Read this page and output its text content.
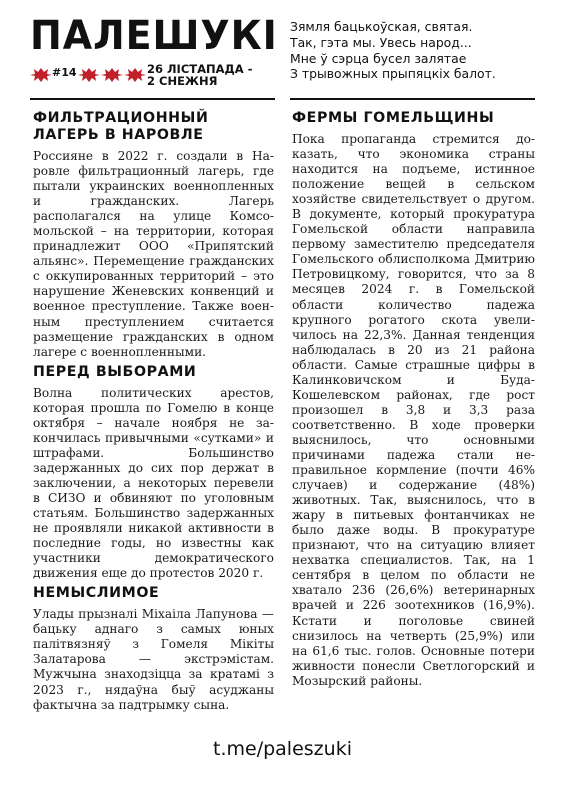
ПАЛЕШУКІ
#14	26 ЛІСТАПАДА -
2 СНЕЖНЯ
Зямля бацькоўская, святая.
Так, гэта мы. Увесь народ...
Мне ў сэрца бусел залятае
З трывожных прыпяцкіх балот.
ФИЛЬТРАЦИОННЫЙ
ЛАГЕРЬ В НАРОВЛЕ

Россияне в 2022 г. создали в Наровле фильтрационный лагерь, где пытали украинских военнопленных и гражданских. Лагерь располагался на улице Комсомольской – на территории, которая принадлежит ООО «Припятский альянс». Перемещение гражданских с оккупированных территорий – это нарушение Женевских конвенций и военное преступление. Также военным преступлением считается размещение гражданских в одном лагере с военнопленными.

ПЕРЕД ВЫБОРАМИ

Волна политических арестов, которая прошла по Гомелю в конце октября – начале ноября не закончилась привычными «сутками» и штрафами. Большинство задержанных до сих пор держат в заключении, а некоторых перевели в СИЗО и обвиняют по уголовным статьям. Большинство задержанных не проявляли никакой активности в последние годы, но известны как участники демократического движения еще до протестов 2020 г.

НЕМЫСЛИМОЕ

Улады прызналі Міхаіла Лапунова — бацьку аднаго з самых юных палітвязняў з Гомеля Мікіты Залатарова — экстрэмістам. Мужчына знаходзіцца за кратамі з 2023 г., нядаўна быў асуджаны фактычна за падтрымку сына.

ФЕРМЫ ГОМЕЛЬЩИНЫ

Пока пропаганда стремится доказать, что экономика страны находится на подъеме, истинное положение вещей в сельском хозяйстве свидетельствует о другом. В документе, который прокуратура Гомельской области направила первому заместителю председателя Гомельского облисполкома Дмитрию Петровицкому, говорится, что за 8 месяцев 2024 г. в Гомельской области количество падежа крупного рогатого скота увеличилось на 22,3%. Данная тенденция наблюдалась в 20 из 21 района области. Самые страшные цифры в Калинковичском и Буда-Кошелевском районах, где рост произошел в 3,8 и 3,3 раза соответственно. В ходе проверки выяснилось, что основными причинами падежа стали неправильное кормление (почти 46% случаев) и содержание (48%) животных. Так, выяснилось, что в жару в питьевых фонтанчиках не было даже воды. В прокуратуре признают, что на ситуацию влияет нехватка специалистов. Так, на 1 сентября в целом по области не хватало 236 (26,6%) ветеринарных врачей и 226 зоотехников (16,9%). Кстати и поголовье свиней снизилось на четверть (25,9%) или на 61,6 тыс. голов. Основные потери живности понесли Светлогорский и Мозырский районы.

t.me/paleszuki
